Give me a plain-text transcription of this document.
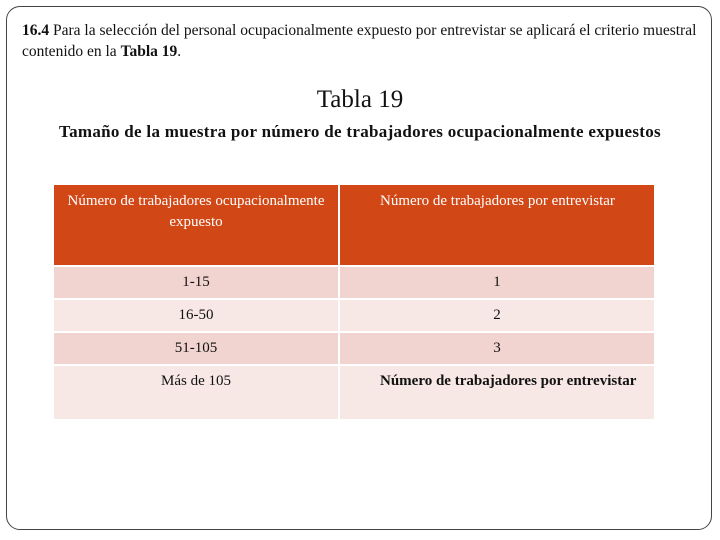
16.4 Para la selección del personal ocupacionalmente expuesto por entrevistar se aplicará el criterio muestral contenido en la Tabla 19.
Tabla 19
Tamaño de la muestra por número de trabajadores ocupacionalmente expuestos
Número de trabajadores ocupacionalmente expuesto	Número de trabajadores por entrevistar
1-15	1
16-50	2
51-105	3
Más de 105	Número de trabajadores por entrevistar
